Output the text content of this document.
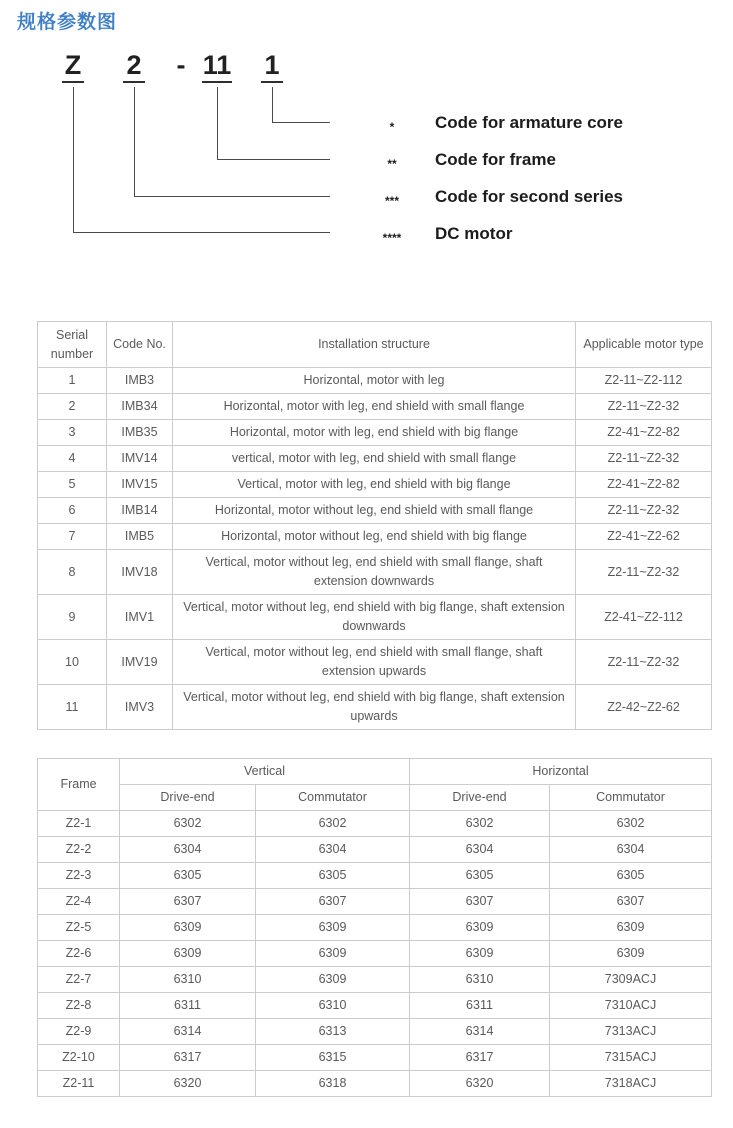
规格参数图
Z 2 - 11 1
*	Code for armature core
**	Code for frame
***	Code for second series
****	DC motor
Serial number	Code No.	Installation structure	Applicable motor type
1	IMB3	Horizontal, motor with leg	Z2-11~Z2-112
2	IMB34	Horizontal, motor with leg, end shield with small flange	Z2-11~Z2-32
3	IMB35	Horizontal, motor with leg, end shield with big flange	Z2-41~Z2-82
4	IMV14	vertical, motor with leg, end shield with small flange	Z2-11~Z2-32
5	IMV15	Vertical, motor with leg, end shield with big flange	Z2-41~Z2-82
6	IMB14	Horizontal, motor without leg, end shield with small flange	Z2-11~Z2-32
7	IMB5	Horizontal, motor without leg, end shield with big flange	Z2-41~Z2-62
8	IMV18	Vertical, motor without leg, end shield with small flange, shaft extension downwards	Z2-11~Z2-32
9	IMV1	Vertical, motor without leg, end shield with big flange, shaft extension downwards	Z2-41~Z2-112
10	IMV19	Vertical, motor without leg, end shield with small flange, shaft extension upwards	Z2-11~Z2-32
11	IMV3	Vertical, motor without leg, end shield with big flange, shaft extension upwards	Z2-42~Z2-62
Frame	Vertical		Horizontal	
	Drive-end	Commutator	Drive-end	Commutator
Z2-1	6302	6302	6302	6302
Z2-2	6304	6304	6304	6304
Z2-3	6305	6305	6305	6305
Z2-4	6307	6307	6307	6307
Z2-5	6309	6309	6309	6309
Z2-6	6309	6309	6309	6309
Z2-7	6310	6309	6310	7309ACJ
Z2-8	6311	6310	6311	7310ACJ
Z2-9	6314	6313	6314	7313ACJ
Z2-10	6317	6315	6317	7315ACJ
Z2-11	6320	6318	6320	7318ACJ
